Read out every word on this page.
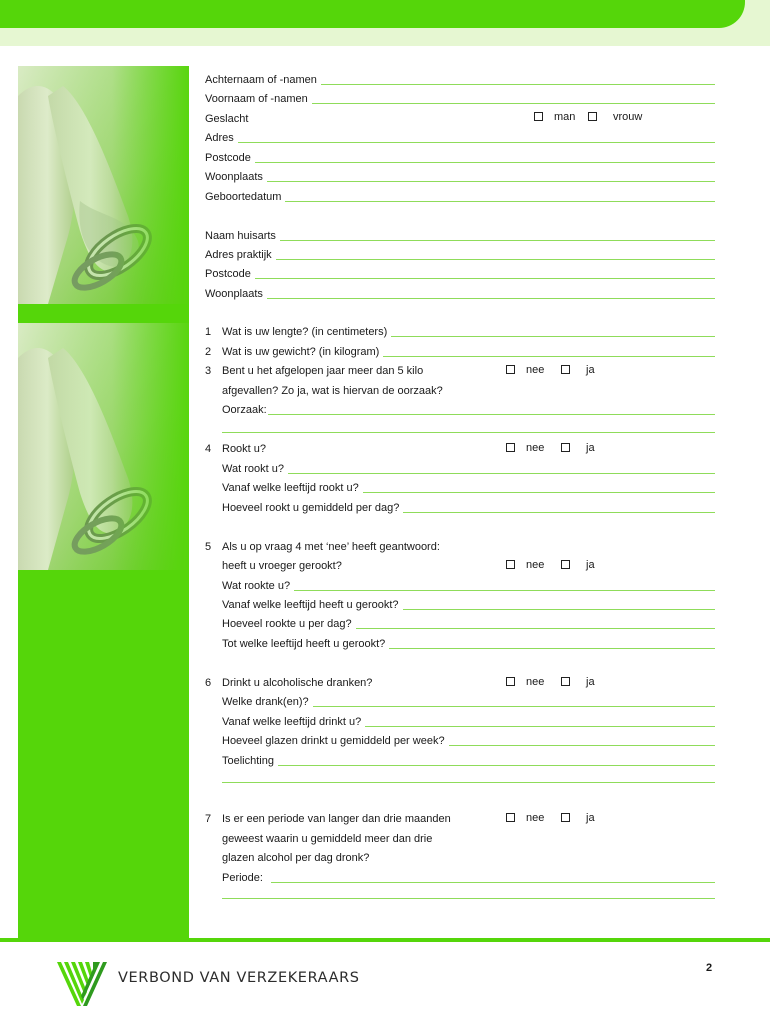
1. ALGEMENE
GEGEVENS
2. PERSOONLIJKE
INFORMATIE
Achternaam of -namen
Voornaam of -namen
Geslacht	man	vrouw
Adres
Postcode
Woonplaats
Geboortedatum
Naam huisarts
Adres praktijk
Postcode
Woonplaats
1 Wat is uw lengte? (in centimeters)
2 Wat is uw gewicht? (in kilogram)
3 Bent u het afgelopen jaar meer dan 5 kilo	nee	ja
afgevallen? Zo ja, wat is hiervan de oorzaak?
Oorzaak:
4 Rookt u?	nee	ja
Wat rookt u?
Vanaf welke leeftijd rookt u?
Hoeveel rookt u gemiddeld per dag?
5 Als u op vraag 4 met ‘nee’ heeft geantwoord:
heeft u vroeger gerookt?	nee	ja
Wat rookte u?
Vanaf welke leeftijd heeft u gerookt?
Hoeveel rookte u per dag?
Tot welke leeftijd heeft u gerookt?
6 Drinkt u alcoholische dranken?	nee	ja
Welke drank(en)?
Vanaf welke leeftijd drinkt u?
Hoeveel glazen drinkt u gemiddeld per week?
Toelichting
7 Is er een periode van langer dan drie maanden	nee	ja
geweest waarin u gemiddeld meer dan drie
glazen alcohol per dag dronk?
Periode:
VERBOND VAN VERZEKERAARS
2
